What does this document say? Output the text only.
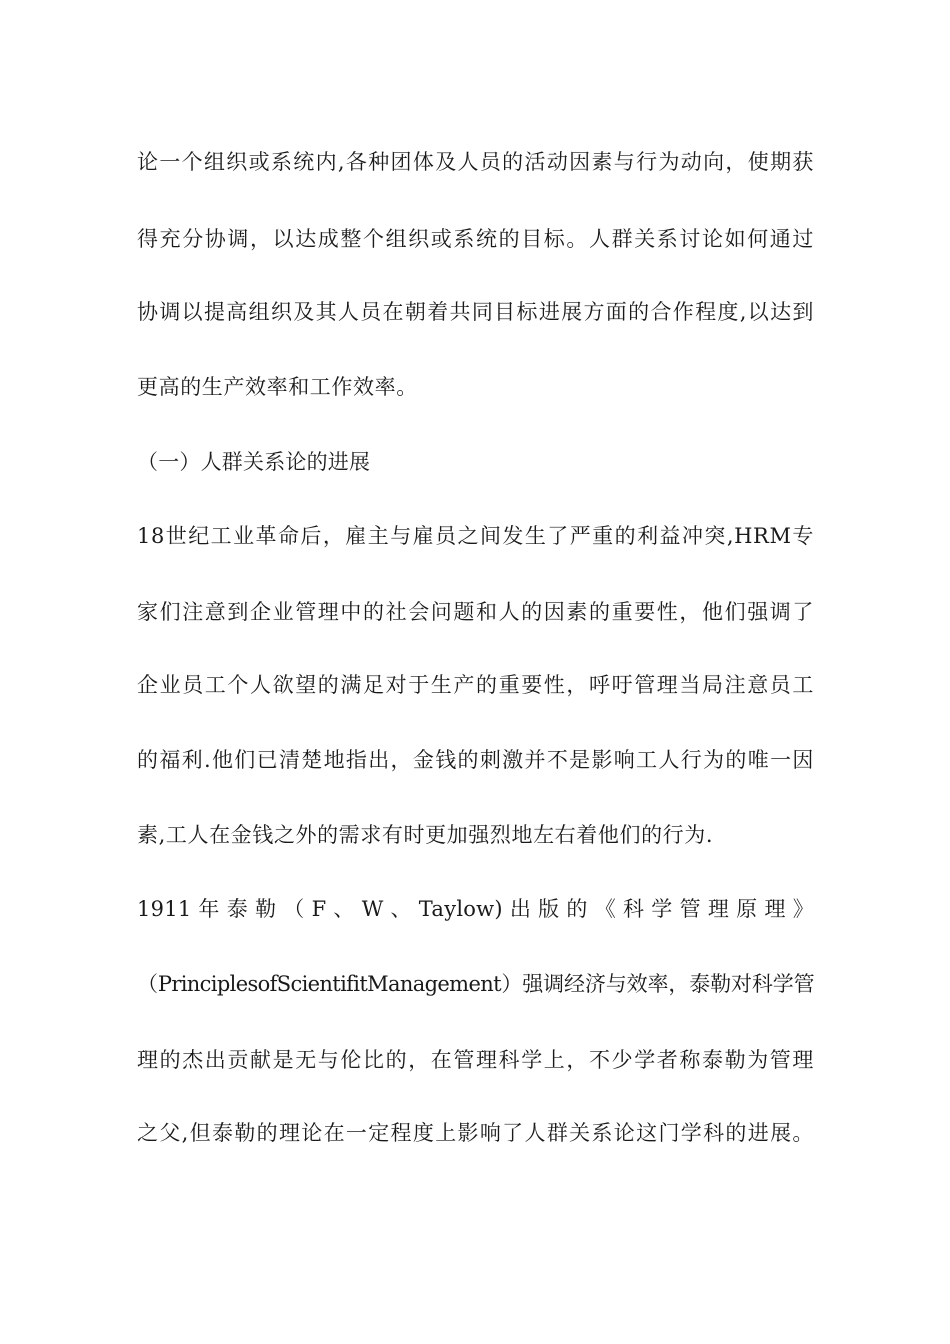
论一个组织或系统内,各种团体及人员的活动因素与行为动向，使期获
得充分协调，以达成整个组织或系统的目标。人群关系讨论如何通过
协调以提高组织及其人员在朝着共同目标进展方面的合作程度,以达到
更高的生产效率和工作效率。
（一）人群关系论的进展
18世纪工业革命后，雇主与雇员之间发生了严重的利益冲突,HRM专
家们注意到企业管理中的社会问题和人的因素的重要性，他们强调了
企业员工个人欲望的满足对于生产的重要性，呼吁管理当局注意员工
的福利.他们已清楚地指出，金钱的刺激并不是影响工人行为的唯一因
素,工人在金钱之外的需求有时更加强烈地左右着他们的行为.
1911 年 泰 勒 （ F 、 W 、 Taylow) 出 版 的 《 科 学 管 理 原 理 》
（PrinciplesofScientifitManagement）强调经济与效率，泰勒对科学管
理的杰出贡献是无与伦比的，在管理科学上，不少学者称泰勒为管理
之父,但泰勒的理论在一定程度上影响了人群关系论这门学科的进展。
